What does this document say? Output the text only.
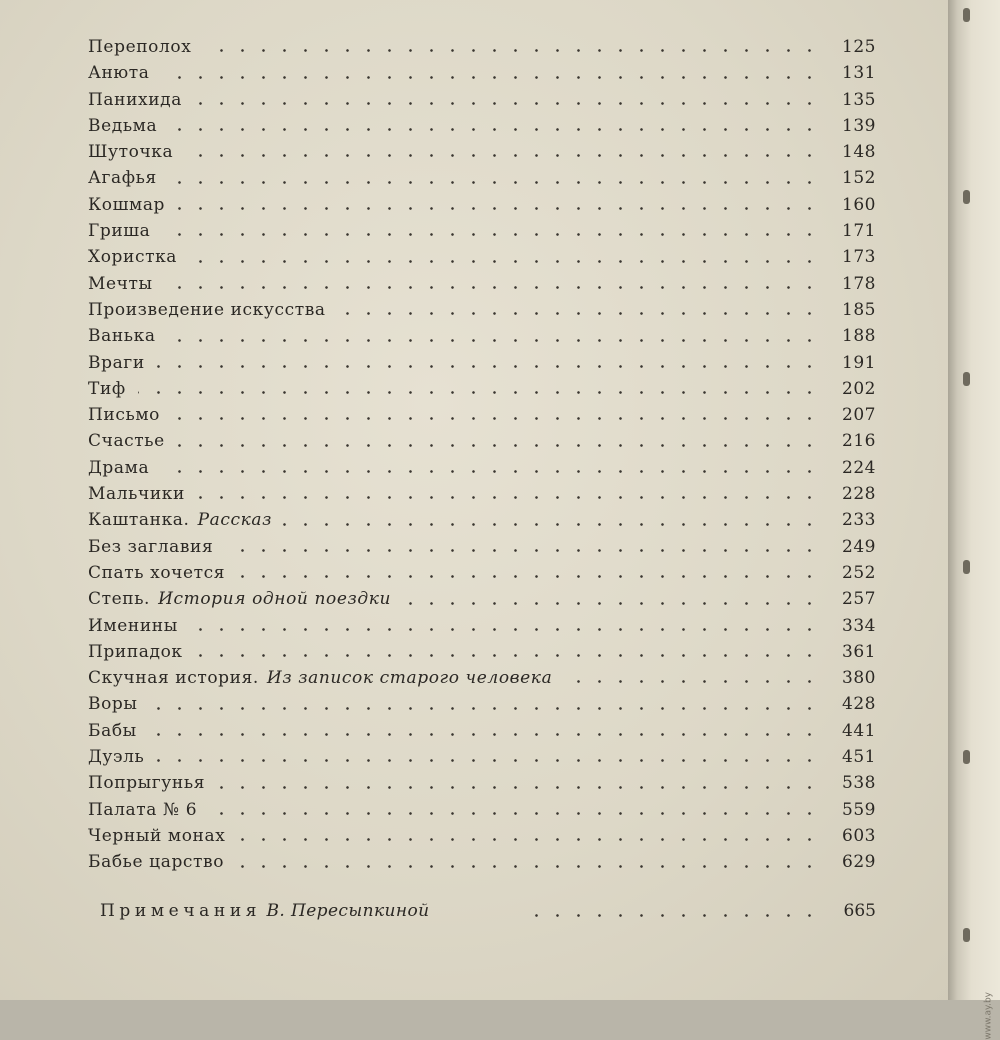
Переполох	125
Анюта	131
Панихида	135
Ведьма	139
Шуточка	148
Агафья	152
Кошмар	160
Гриша	171
Хористка	173
Мечты	178
Произведение искусства	185
Ванька	188
Враги	191
Тиф	202
Письмо	207
Счастье	216
Драма	224
Мальчики	228
Каштанка. Рассказ	233
Без заглавия	249
Спать хочется	252
Степь. История одной поездки	257
Именины	334
Припадок	361
Скучная история. Из записок старого человека	380
Воры	428
Бабы	441
Дуэль	451
Попрыгунья	538
Палата № 6	559
Черный монах	603
Бабье царство	629
Примечания В. Пересыпкиной	665
www.ay.by
